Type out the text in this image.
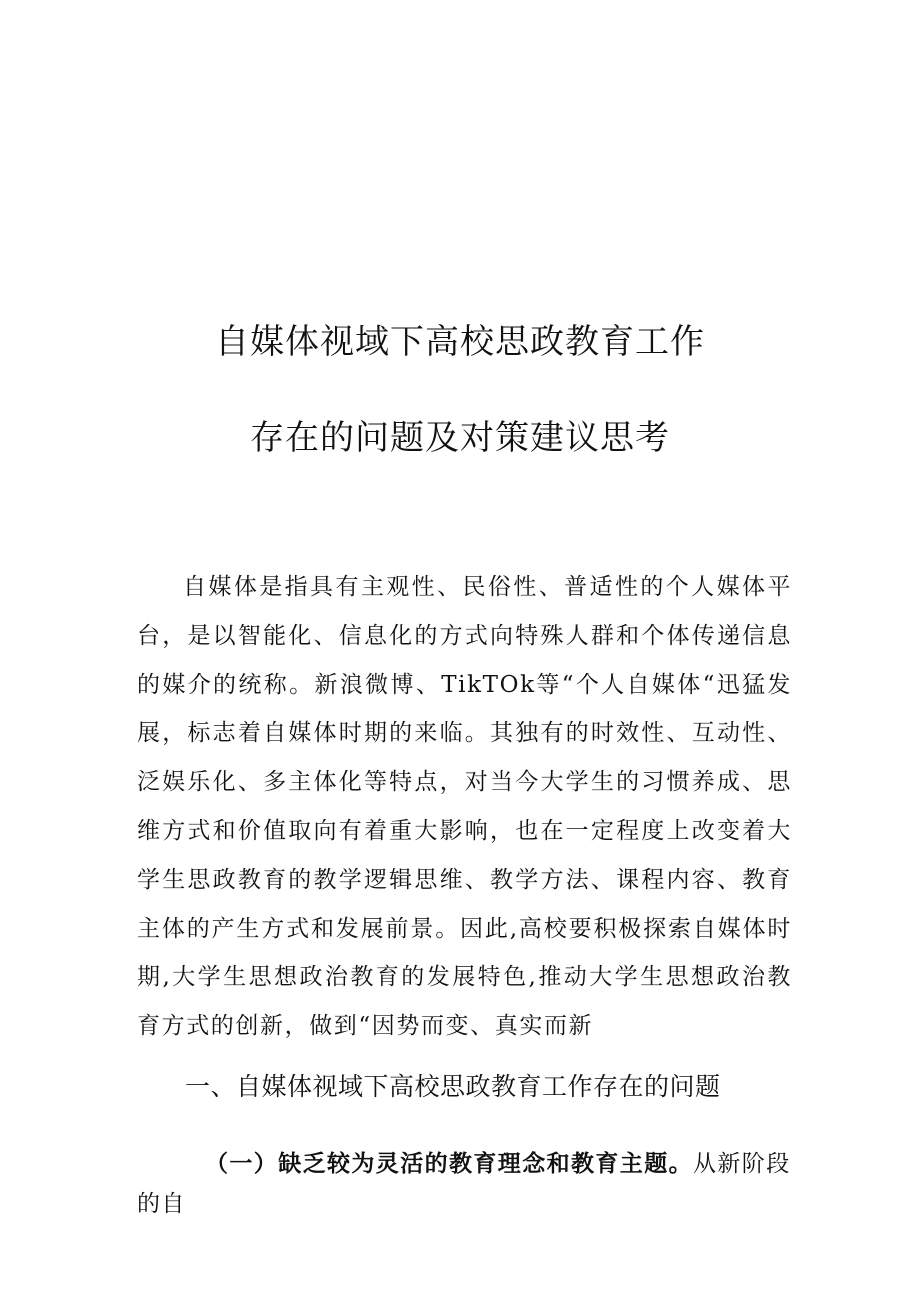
自媒体视域下高校思政教育工作
存在的问题及对策建议思考

自媒体是指具有主观性、民俗性、普适性的个人媒体平台，是以智能化、信息化的方式向特殊人群和个体传递信息的媒介的统称。新浪微博、TikTOk等“个人自媒体“迅猛发展，标志着自媒体时期的来临。其独有的时效性、互动性、泛娱乐化、多主体化等特点，对当今大学生的习惯养成、思维方式和价值取向有着重大影响，也在一定程度上改变着大学生思政教育的教学逻辑思维、教学方法、课程内容、教育主体的产生方式和发展前景。因此,高校要积极探索自媒体时期,大学生思想政治教育的发展特色,推动大学生思想政治教育方式的创新，做到“因势而变、真实而新

一、自媒体视域下高校思政教育工作存在的问题

（一）缺乏较为灵活的教育理念和教育主题。从新阶段的自
